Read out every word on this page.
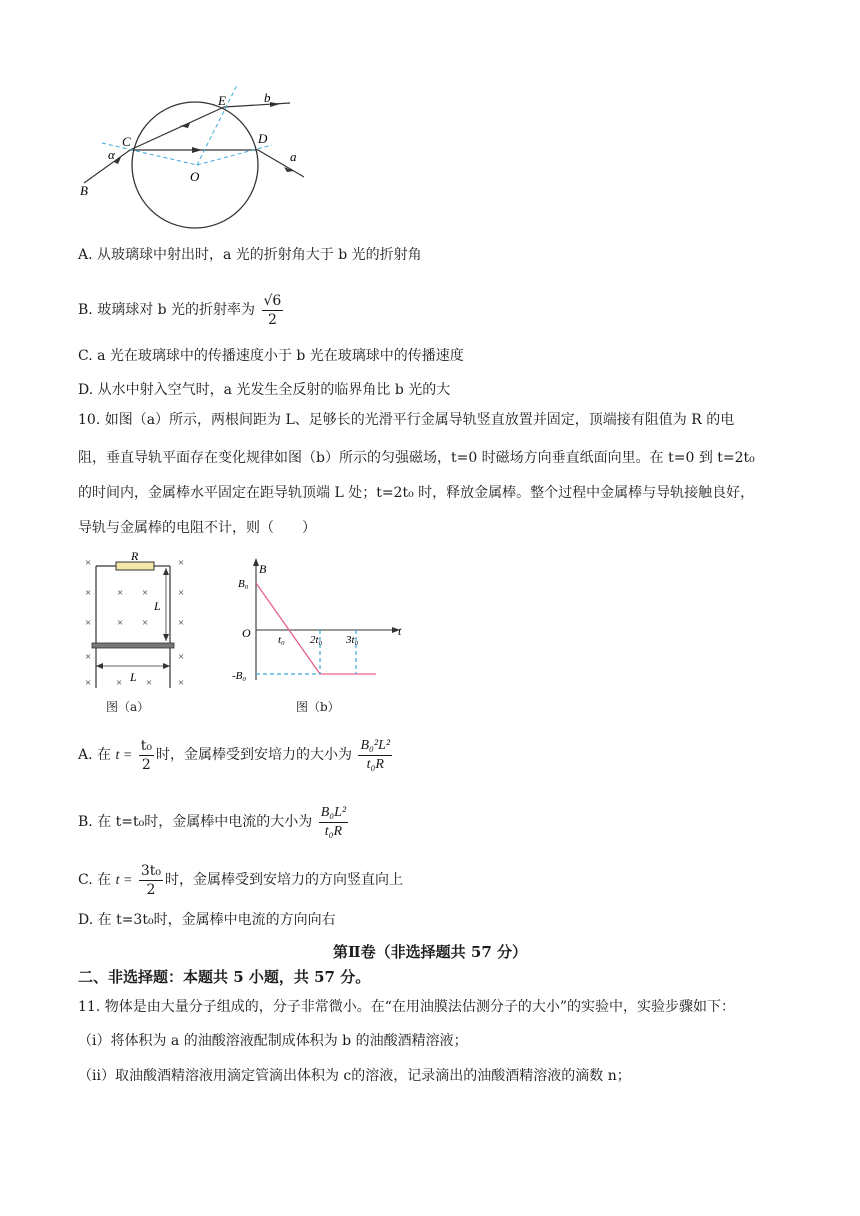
C
E
D
O
B
a
b
α
A. 从玻璃球中射出时，a 光的折射角大于 b 光的折射角
B. 玻璃球对 b 光的折射率为 $\frac{√6}{2}$
C. a 光在玻璃球中的传播速度小于 b 光在玻璃球中的传播速度
D. 从水中射入空气时，a 光发生全反射的临界角比 b 光的大
10. 如图（a）所示，两根间距为 L、足够长的光滑平行金属导轨竖直放置并固定，顶端接有阻值为 R 的电
阻，垂直导轨平面存在变化规律如图（b）所示的匀强磁场，t=0 时磁场方向垂直纸面向里。在 t=0 到 t=2t₀
的时间内，金属棒水平固定在距导轨顶端 L 处；t=2t₀ 时，释放金属棒。整个过程中金属棒与导轨接触良好，
导轨与金属棒的电阻不计，则（　　）
×	×
× × ×	×
× ×
×	×
×	×
× × × ×
R
L
L
图（a）
B
B₀
-B₀
O	t
t₀ 2t₀ 3t₀
图（b）
A. 在 $t = \frac{\text{t₀}}{2}$ 时，金属棒受到安培力的大小为 $\frac{\text{B₀²L²}}{\text{t₀R}}$
B. 在 t=t₀时，金属棒中电流的大小为 $\frac{\text{B₀L²}}{\text{t₀R}}$
C. 在 $t = \frac{\text{3t₀}}{2}$ 时，金属棒受到安培力的方向竖直向上
D. 在 t=3t₀时，金属棒中电流的方向向右
第Ⅱ卷（非选择题共 57 分）
二、非选择题：本题共 5 小题，共 57 分。
11. 物体是由大量分子组成的，分子非常微小。在“在用油膜法估测分子的大小”的实验中，实验步骤如下：
（i）将体积为 a 的油酸溶液配制成体积为 b 的油酸酒精溶液；
（ii）取油酸酒精溶液用滴定管滴出体积为 c的溶液，记录滴出的油酸酒精溶液的滴数 n；
